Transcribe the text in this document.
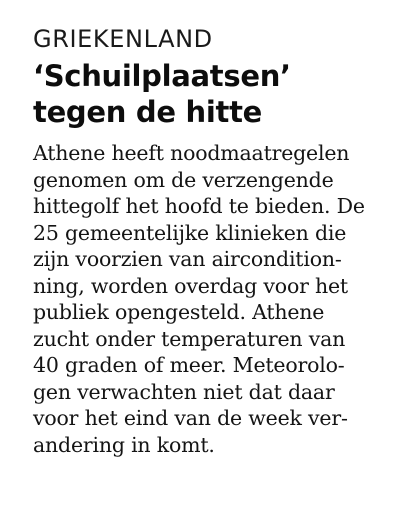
GRIEKENLAND
‘Schuilplaatsen’
tegen de hitte
Athene heeft noodmaatregelen
genomen om de verzengende
hittegolf het hoofd te bieden. De
25 gemeentelijke klinieken die
zijn voorzien van aircondition-
ning, worden overdag voor het
publiek opengesteld. Athene
zucht onder temperaturen van
40 graden of meer. Meteorolo-
gen verwachten niet dat daar
voor het eind van de week ver-
andering in komt.
